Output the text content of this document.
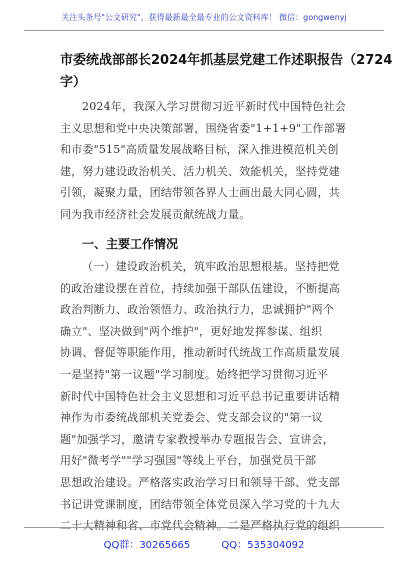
关注头条号"公文研究"，获得最新最全最专业的公文资料库！ 微信：gongwenyj
市委统战部部长2024年抓基层党建工作述职报告（2724
字）
2024年，我深入学习贯彻习近平新时代中国特色社会
主义思想和党中央决策部署，围绕省委"1+1+9"工作部署
和市委"515"高质量发展战略目标，深入推进模范机关创
建，努力建设政治机关、活力机关、效能机关，坚持党建
引领，凝聚力量，团结带领各界人士画出最大同心圆，共
同为我市经济社会发展贡献统战力量。
一、主要工作情况
（一）建设政治机关，筑牢政治思想根基。坚持把党
的政治建设摆在首位，持续加强干部队伍建设，不断提高
政治判断力、政治领悟力、政治执行力，忠诚拥护"两个
确立"、坚决做到"两个维护"，更好地发挥参谋、组织
协调、督促等职能作用，推动新时代统战工作高质量发展
一是坚持"第一议题"学习制度。始终把学习贯彻习近平
新时代中国特色社会主义思想和习近平总书记重要讲话精
神作为市委统战部机关党委会、党支部会议的"第一议
题"加强学习，邀请专家教授举办专题报告会、宣讲会，
用好"微考学""学习强国"等线上平台，加强党员干部
思想政治建设。严格落实政治学习日和领导干部、党支部
书记讲党课制度，团结带领全体党员深入学习党的十九大
二十大精神和省、市党代会精神。二是严格执行党的组织
QQ群：30265665	QQ：535304092
